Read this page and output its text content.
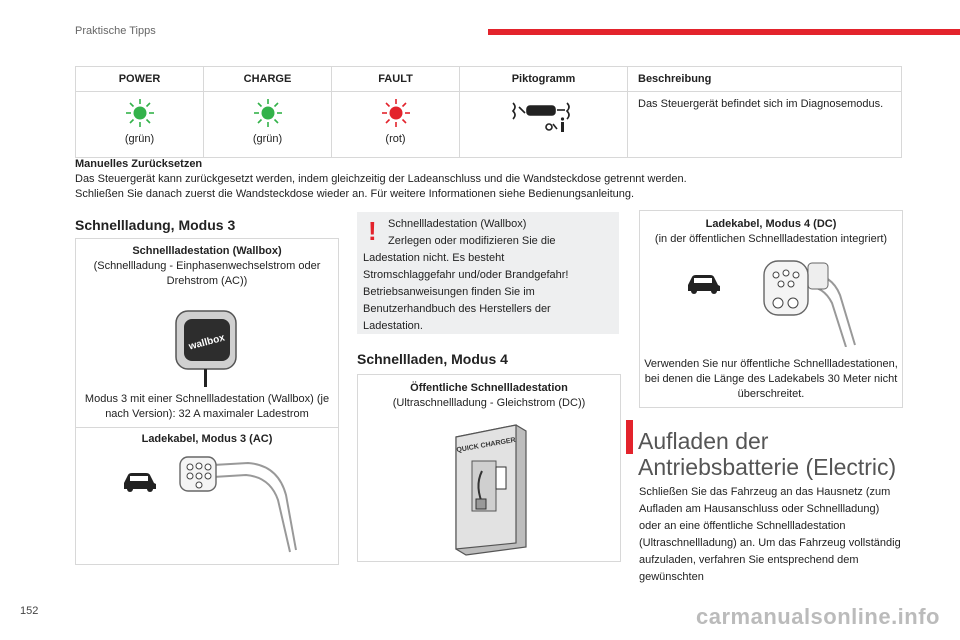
Praktische Tipps
POWER	CHARGE	FAULT	Piktogramm	Beschreibung

(grün)	(grün)	(rot)		Das Steuergerät befindet sich im Diagnosemodus.
Manuelles Zurücksetzen
Das Steuergerät kann zurückgesetzt werden, indem gleichzeitig der Ladeanschluss und die Wandsteckdose getrennt werden.
Schließen Sie danach zuerst die Wandsteckdose wieder an. Für weitere Informationen siehe Bedienungsanleitung.
Schnellladung, Modus 3
Schnellladestation (Wallbox)
(Schnellladung - Einphasenwechselstrom oder Drehstrom (AC))
wallbox
Modus 3 mit einer Schnellladestation (Wallbox) (je nach Version): 32 A maximaler Ladestrom
Ladekabel, Modus 3 (AC)
! Schnellladestation (Wallbox)
Zerlegen oder modifizieren Sie die Ladestation nicht. Es besteht Stromschlaggefahr und/oder Brandgefahr! Betriebsanweisungen finden Sie im Benutzerhandbuch des Herstellers der Ladestation.
Schnellladen, Modus 4
Öffentliche Schnellladestation
(Ultraschnellladung - Gleichstrom (DC))
QUICK CHARGER
Ladekabel, Modus 4 (DC)
(in der öffentlichen Schnellladestation integriert)
Verwenden Sie nur öffentliche Schnellladestationen, bei denen die Länge des Ladekabels 30 Meter nicht überschreitet.
Aufladen der Antriebsbatterie (Electric)
Schließen Sie das Fahrzeug an das Hausnetz (zum Aufladen am Hausanschluss oder Schnellladung) oder an eine öffentliche Schnellladestation (Ultraschnellladung) an. Um das Fahrzeug vollständig aufzuladen, verfahren Sie entsprechend dem gewünschten
152	carmanualsonline.info
